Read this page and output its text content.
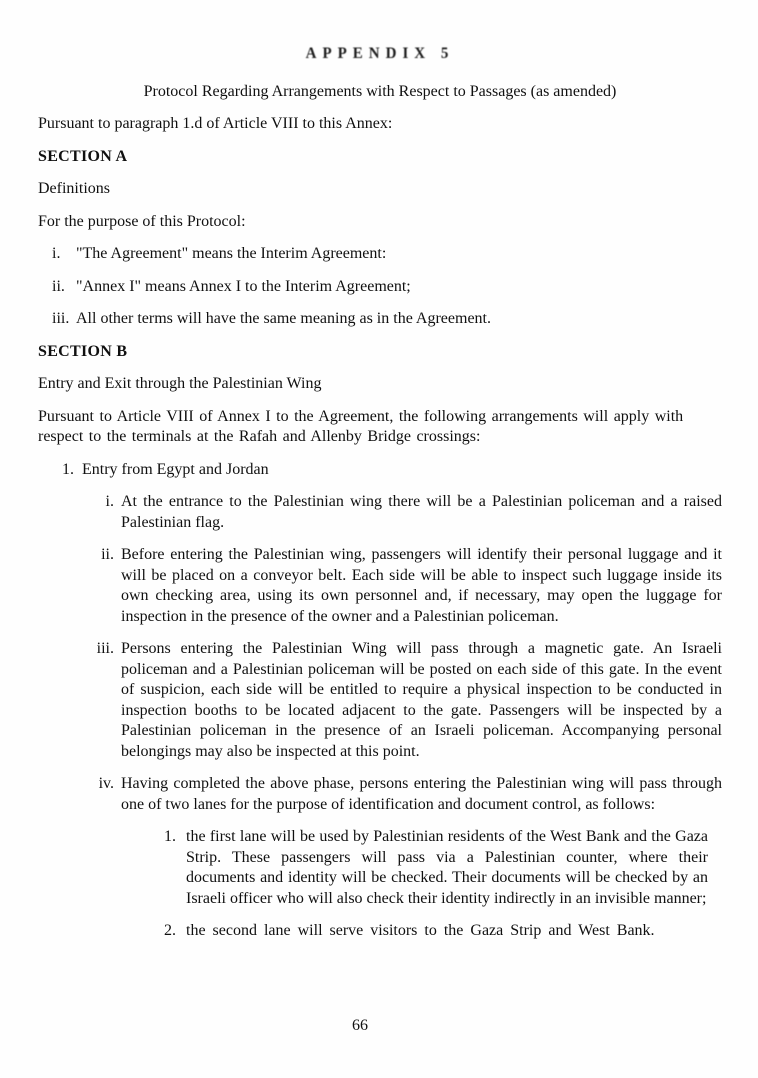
APPENDIX 5
Protocol Regarding Arrangements with Respect to Passages (as amended)

Pursuant to paragraph 1.d of Article VIII to this Annex:

SECTION A

Definitions

For the purpose of this Protocol:

i. "The Agreement" means the Interim Agreement:
ii. "Annex I" means Annex I to the Interim Agreement;
iii. All other terms will have the same meaning as in the Agreement.

SECTION B

Entry and Exit through the Palestinian Wing

Pursuant to Article VIII of Annex I to the Agreement, the following arrangements will apply with respect to the terminals at the Rafah and Allenby Bridge crossings:

1. Entry from Egypt and Jordan
i. At the entrance to the Palestinian wing there will be a Palestinian policeman and a raised Palestinian flag.
ii. Before entering the Palestinian wing, passengers will identify their personal luggage and it will be placed on a conveyor belt. Each side will be able to inspect such luggage inside its own checking area, using its own personnel and, if necessary, may open the luggage for inspection in the presence of the owner and a Palestinian policeman.
iii. Persons entering the Palestinian Wing will pass through a magnetic gate. An Israeli policeman and a Palestinian policeman will be posted on each side of this gate. In the event of suspicion, each side will be entitled to require a physical inspection to be conducted in inspection booths to be located adjacent to the gate. Passengers will be inspected by a Palestinian policeman in the presence of an Israeli policeman. Accompanying personal belongings may also be inspected at this point.
iv. Having completed the above phase, persons entering the Palestinian wing will pass through one of two lanes for the purpose of identification and document control, as follows:
1. the first lane will be used by Palestinian residents of the West Bank and the Gaza Strip. These passengers will pass via a Palestinian counter, where their documents and identity will be checked. Their documents will be checked by an Israeli officer who will also check their identity indirectly in an invisible manner;
2. the second lane will serve visitors to the Gaza Strip and West Bank.
66
